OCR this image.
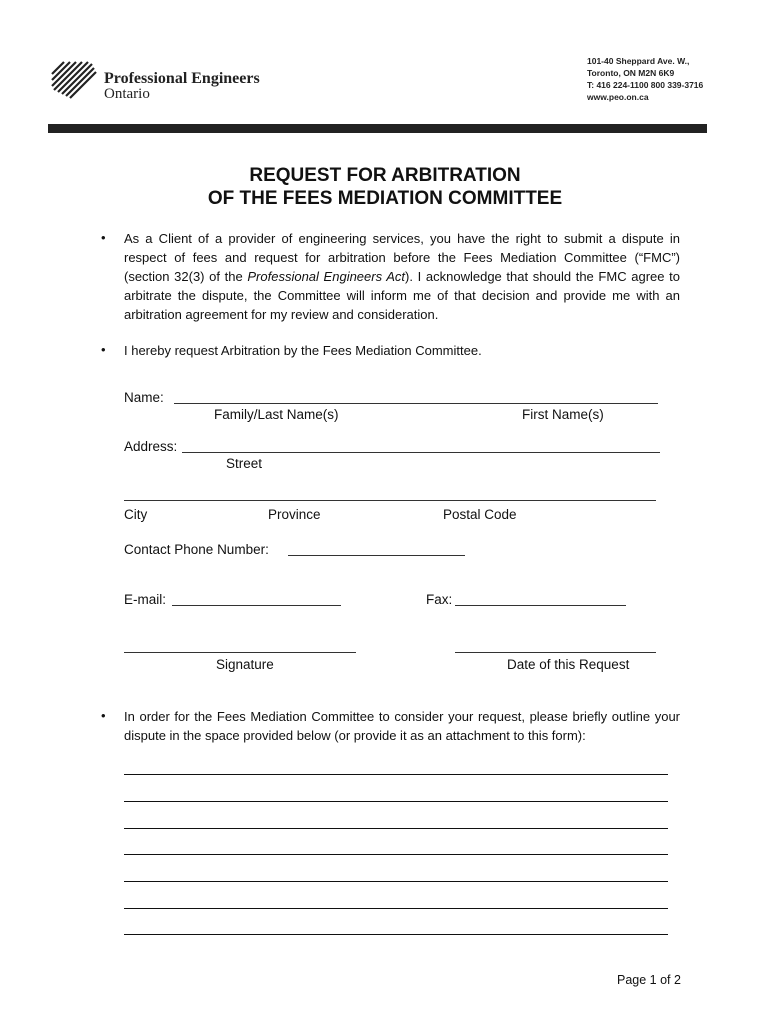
Professional Engineers
Ontario
101-40 Sheppard Ave. W.,
Toronto, ON M2N 6K9
T: 416 224-1100 800 339-3716
www.peo.on.ca
REQUEST FOR ARBITRATION
OF THE FEES MEDIATION COMMITTEE
• As a Client of a provider of engineering services, you have the right to submit a dispute in respect of fees and request for arbitration before the Fees Mediation Committee (“FMC”) (section 32(3) of the Professional Engineers Act). I acknowledge that should the FMC agree to arbitrate the dispute, the Committee will inform me of that decision and provide me with an arbitration agreement for my review and consideration.
• I hereby request Arbitration by the Fees Mediation Committee.
Name:
Family/Last Name(s)	First Name(s)
Address:
Street
City	Province	Postal Code
Contact Phone Number:
E-mail:	Fax:
Signature	Date of this Request
• In order for the Fees Mediation Committee to consider your request, please briefly outline your dispute in the space provided below (or provide it as an attachment to this form):
Page 1 of 2
